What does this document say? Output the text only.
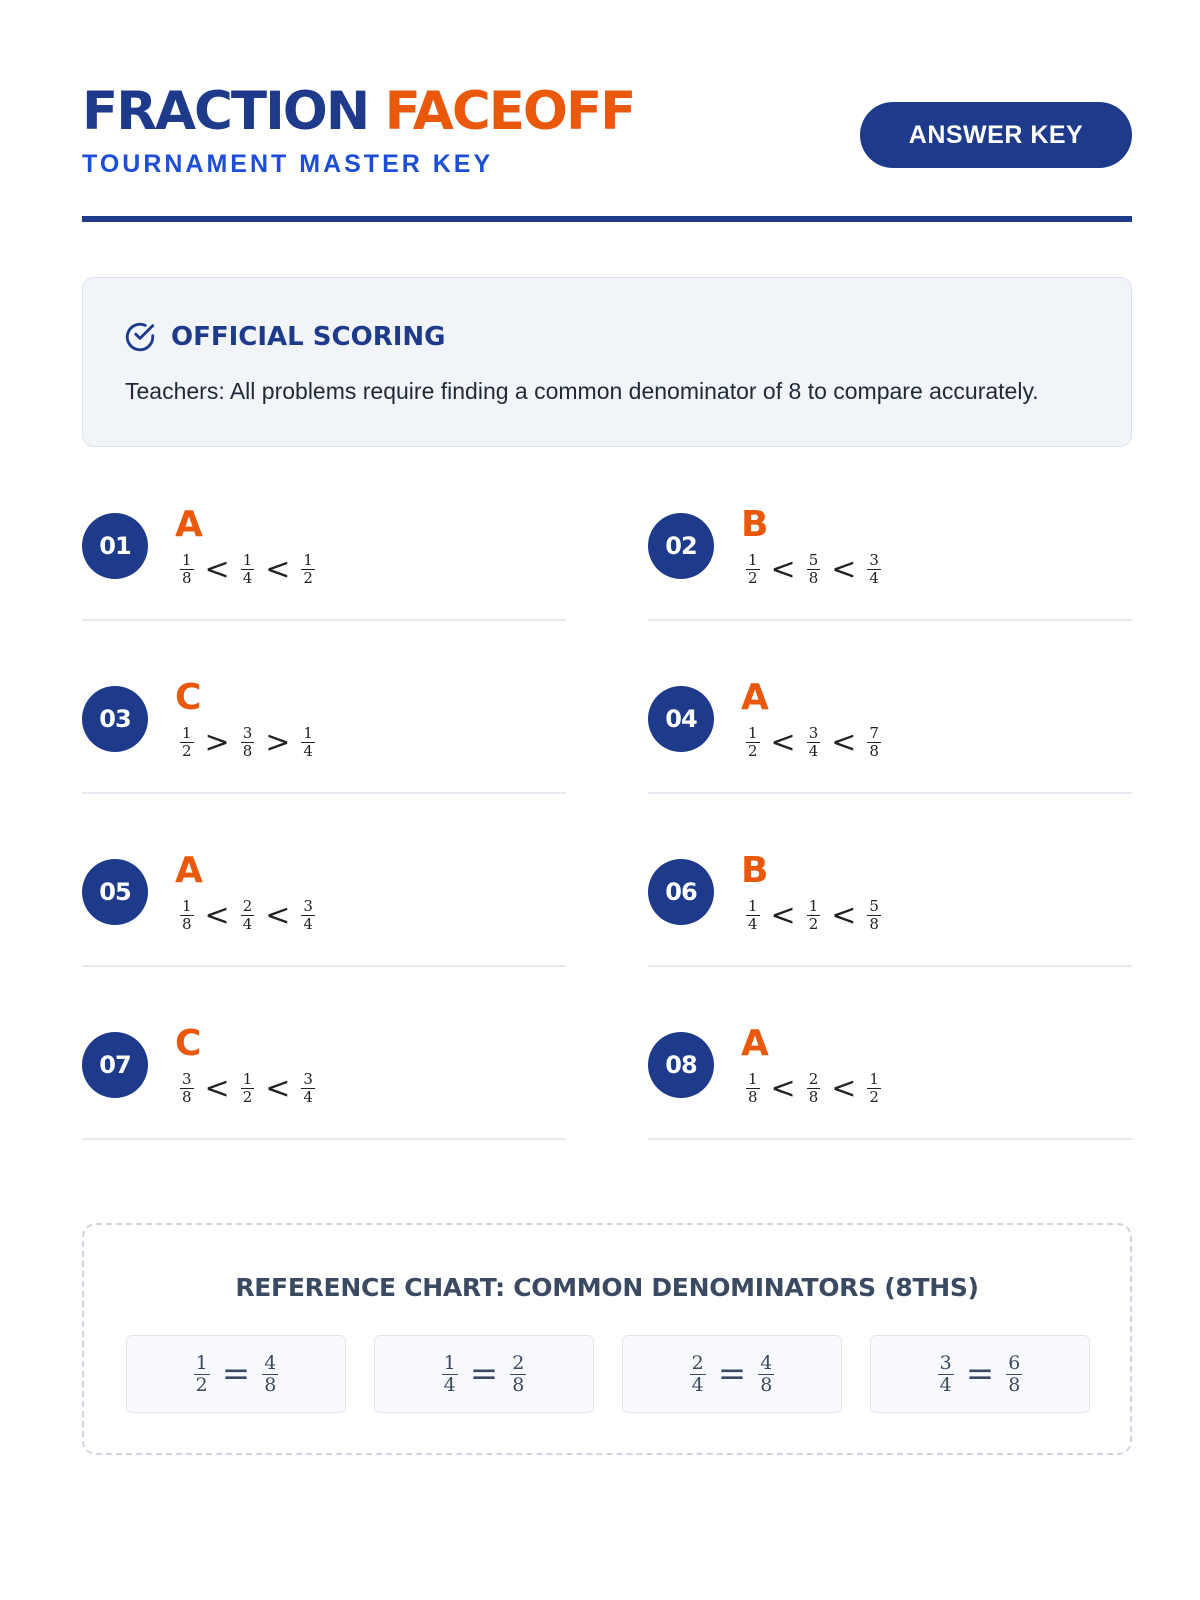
FRACTION FACEOFF
TOURNAMENT MASTER KEY
ANSWER KEY
OFFICIAL SCORING
Teachers: All problems require finding a common denominator of 8 to compare accurately.
01
A
$\frac{1}{8} < \frac{1}{4} < \frac{1}{2}$
02
B
$\frac{1}{2} < \frac{5}{8} < \frac{3}{4}$
03
C
$\frac{1}{2} > \frac{3}{8} > \frac{1}{4}$
04
A
$\frac{1}{2} < \frac{3}{4} < \frac{7}{8}$
05
A
$\frac{1}{8} < \frac{2}{4} < \frac{3}{4}$
06
B
$\frac{1}{4} < \frac{1}{2} < \frac{5}{8}$
07
C
$\frac{3}{8} < \frac{1}{2} < \frac{3}{4}$
08
A
$\frac{1}{8} < \frac{2}{8} < \frac{1}{2}$
REFERENCE CHART: COMMON DENOMINATORS (8THS)
$\frac{1}{2} = \frac{4}{8}$	$\frac{1}{4} = \frac{2}{8}$	$\frac{2}{4} = \frac{4}{8}$	$\frac{3}{4} = \frac{6}{8}$
